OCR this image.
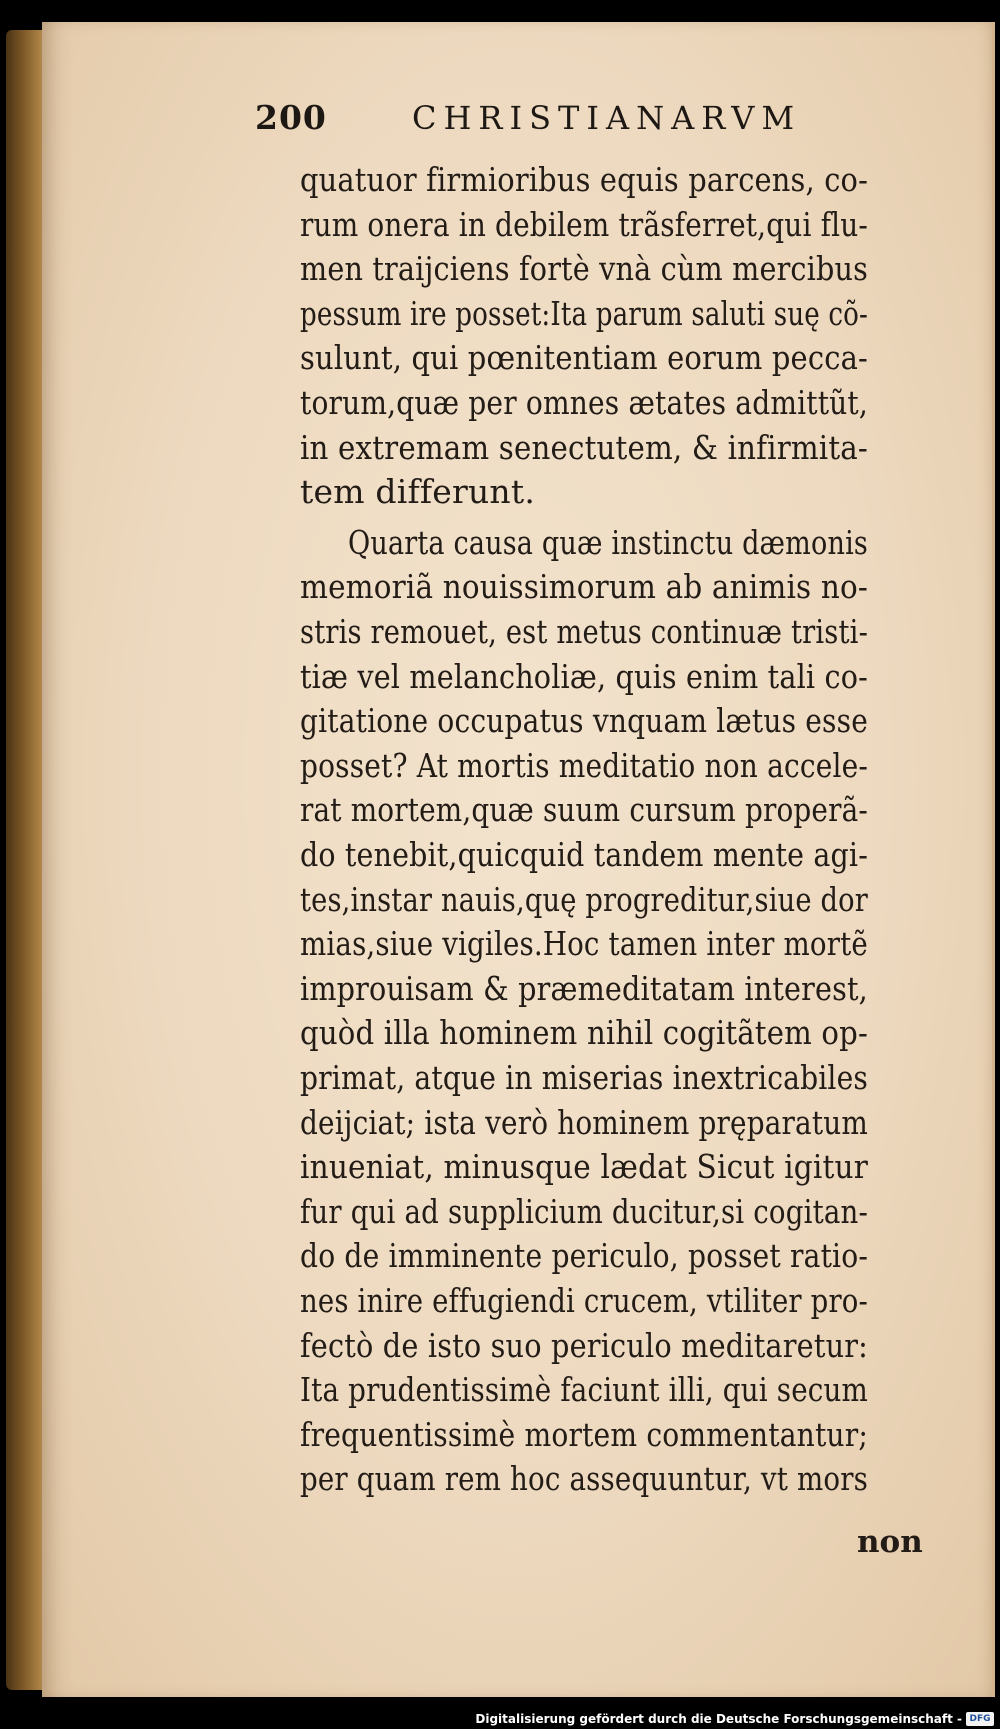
200	CHRISTIANARVM
quatuor firmioribus equis parcens, co-
rum onera in debilem trãsferret,qui flu-
men traijciens fortè vnà cùm mercibus
pessum ire posset:Ita parum saluti suę cõ-
sulunt, qui pœnitentiam eorum pecca-
torum,quæ per omnes ætates admittũt,
in extremam senectutem, & infirmita-
tem differunt.
Quarta causa quæ instinctu dæmonis
memoriã nouissimorum ab animis no-
stris remouet, est metus continuæ tristi-
tiæ vel melancholiæ, quis enim tali co-
gitatione occupatus vnquam lætus esse
posset? At mortis meditatio non accele-
rat mortem,quæ suum cursum properã-
do tenebit,quicquid tandem mente agi-
tes,instar nauis,quę progreditur,siue dor
mias,siue vigiles.Hoc tamen inter mortẽ
improuisam & præmeditatam interest,
quòd illa hominem nihil cogitãtem op-
primat, atque in miserias inextricabiles
deijciat; ista verò hominem pręparatum
inueniat, minusque lædat Sicut igitur
fur qui ad supplicium ducitur,si cogitan-
do de imminente periculo, posset ratio-
nes inire effugiendi crucem, vtiliter pro-
fectò de isto suo periculo meditaretur:
Ita prudentissimè faciunt illi, qui secum
frequentissimè mortem commentantur;
per quam rem hoc assequuntur, vt mors
non
Digitalisierung gefördert durch die Deutsche Forschungsgemeinschaft - DFG
